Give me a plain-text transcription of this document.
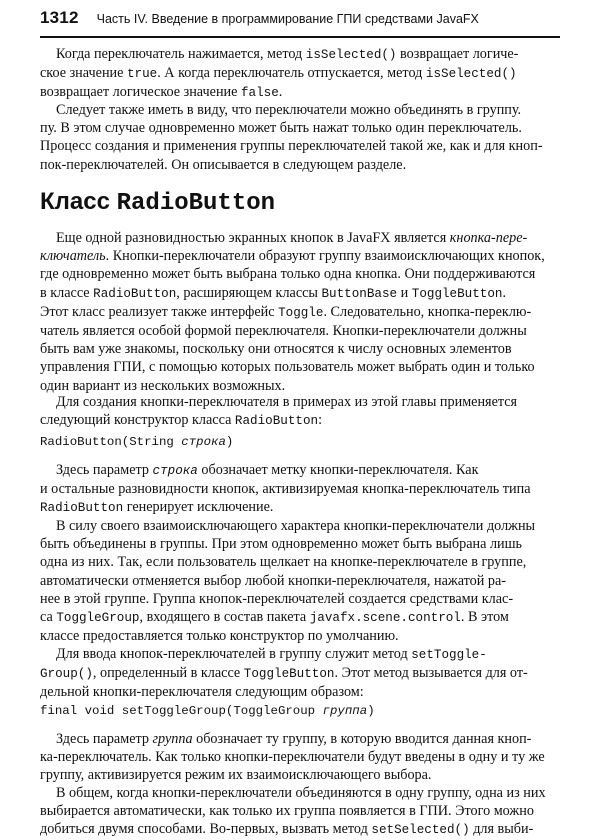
1312 Часть IV. Введение в программирование ГПИ средствами JavaFX

Когда переключатель нажимается, метод isSelected() возвращает логиче-
ское значение true. А когда переключатель отпускается, метод isSelected()
возвращает логическое значение false.

Следует также иметь в виду, что переключатели можно объединять в группу.
пу. В этом случае одновременно может быть нажат только один переключатель.
Процесс создания и применения группы переключателей такой же, как и для кноп-
пок-переключателей. Он описывается в следующем разделе.

Класс RadioButton

Еще одной разновидностью экранных кнопок в JavaFX является кнопка-пере-
ключатель. Кнопки-переключатели образуют группу взаимоисключающих кнопок,
где одновременно может быть выбрана только одна кнопка. Они поддерживаются
в классе RadioButton, расширяющем классы ButtonBase и ToggleButton.
Этот класс реализует также интерфейс Toggle. Следовательно, кнопка-переклю-
чатель является особой формой переключателя. Кнопки-переключатели должны
быть вам уже знакомы, поскольку они относятся к числу основных элементов
управления ГПИ, с помощью которых пользователь может выбрать один и только
один вариант из нескольких возможных.

Для создания кнопки-переключателя в примерах из этой главы применяется
следующий конструктор класса RadioButton:

RadioButton(String строка)

Здесь параметр строка обозначает метку кнопки-переключателя. Как
и остальные разновидности кнопок, активизируемая кнопка-переключатель типа
RadioButton генерирует исключение.

В силу своего взаимоисключающего характера кнопки-переключатели должны
быть объединены в группы. При этом одновременно может быть выбрана лишь
одна из них. Так, если пользователь щелкает на кнопке-переключателе в группе,
автоматически отменяется выбор любой кнопки-переключателя, нажатой ра-
нее в этой группе. Группа кнопок-переключателей создается средствами клас-
са ToggleGroup, входящего в состав пакета javafx.scene.control. В этом
классе предоставляется только конструктор по умолчанию.

Для ввода кнопок-переключателей в группу служит метод setToggle-
Group(), определенный в классе ToggleButton. Этот метод вызывается для от-
дельной кнопки-переключателя следующим образом:

final void setToggleGroup(ToggleGroup группа)

Здесь параметр группа обозначает ту группу, в которую вводится данная кноп-
ка-переключатель. Как только кнопки-переключатели будут введены в одну и ту же
группу, активизируется режим их взаимоисключающего выбора.

В общем, когда кнопки-переключатели объединяются в одну группу, одна из них
выбирается автоматически, как только их группа появляется в ГПИ. Этого можно
добиться двумя способами. Во-первых, вызвать метод setSelected() для выби-
